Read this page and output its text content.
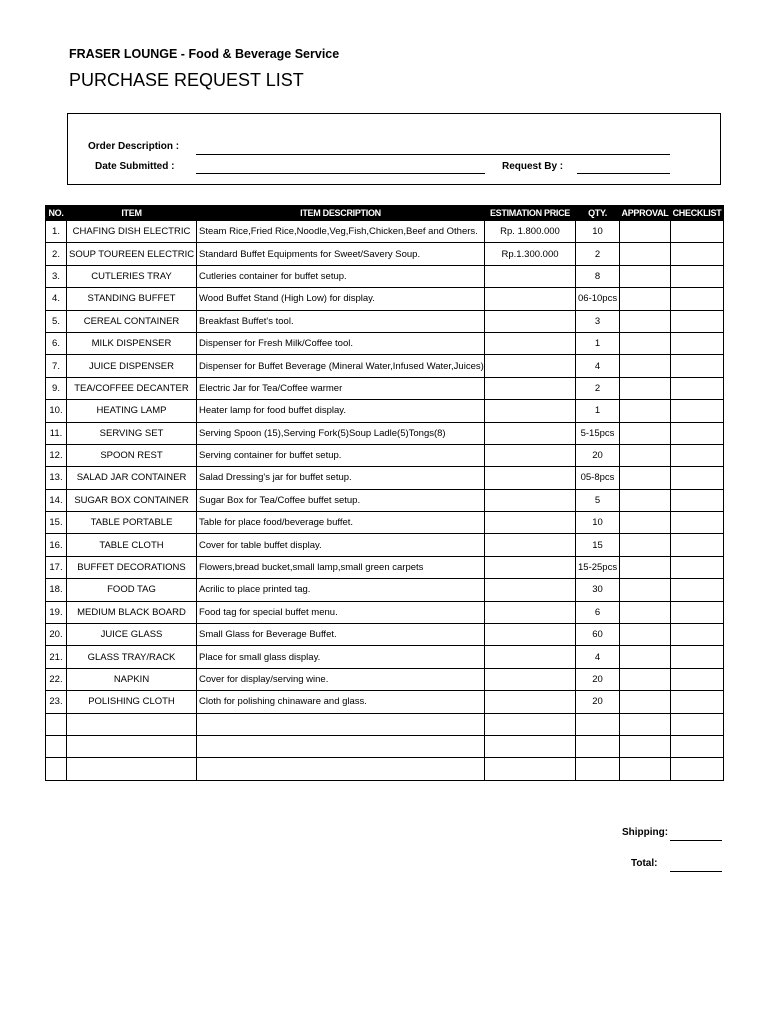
FRASER LOUNGE - Food & Beverage Service
PURCHASE REQUEST LIST
Order Description :
Date Submitted :	Request By :
NO.	ITEM	ITEM DESCRIPTION	ESTIMATION PRICE	QTY.	APPROVAL	CHECKLIST
1.	CHAFING DISH ELECTRIC	Steam Rice,Fried Rice,Noodle,Veg,Fish,Chicken,Beef and Others.	Rp. 1.800.000	10		
2.	SOUP TOUREEN ELECTRIC	Standard Buffet Equipments for Sweet/Savery Soup.	Rp.1.300.000	2		
3.	CUTLERIES TRAY	Cutleries container for buffet setup.		8		
4.	STANDING BUFFET	Wood Buffet Stand (High Low) for display.		06-10pcs		
5.	CEREAL CONTAINER	Breakfast Buffet's tool.		3		
6.	MILK DISPENSER	Dispenser for Fresh Milk/Coffee tool.		1		
7.	JUICE DISPENSER	Dispenser for Buffet Beverage (Mineral Water,Infused Water,Juices)		4		
9.	TEA/COFFEE DECANTER	Electric Jar for Tea/Coffee warmer		2		
10.	HEATING LAMP	Heater lamp for food buffet display.		1		
11.	SERVING SET	Serving Spoon (15),Serving Fork(5)Soup Ladle(5)Tongs(8)		5-15pcs		
12.	SPOON REST	Serving container for buffet setup.		20		
13.	SALAD JAR CONTAINER	Salad Dressing's jar for buffet setup.		05-8pcs		
14.	SUGAR BOX CONTAINER	Sugar Box for Tea/Coffee buffet setup.		5		
15.	TABLE PORTABLE	Table for place food/beverage buffet.		10		
16.	TABLE CLOTH	Cover for table buffet display.		15		
17.	BUFFET DECORATIONS	Flowers,bread bucket,small lamp,small green carpets		15-25pcs		
18.	FOOD TAG	Acrilic to place printed tag.		30		
19.	MEDIUM BLACK BOARD	Food tag for special buffet menu.		6		
20.	JUICE GLASS	Small Glass for Beverage Buffet.		60		
21.	GLASS TRAY/RACK	Place for small glass display.		4		
22.	NAPKIN	Cover for display/serving wine.		20		
23.	POLISHING CLOTH	Cloth for polishing chinaware and glass.		20		

Shipping:
Total:
